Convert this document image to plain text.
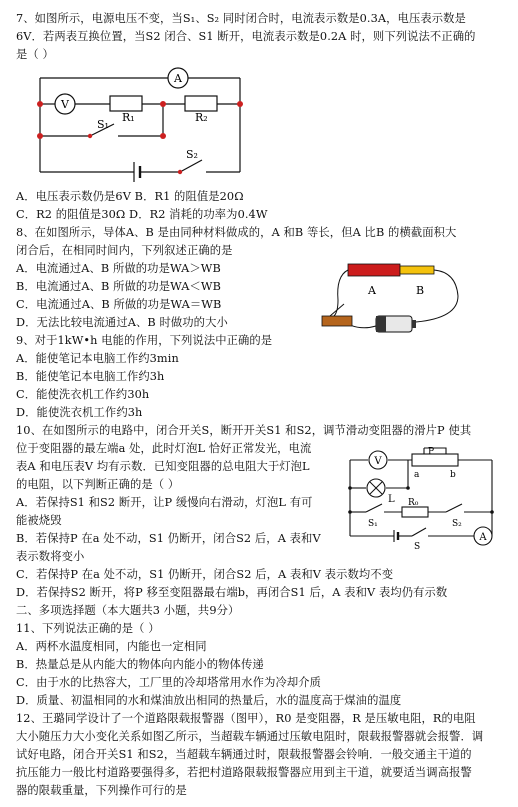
7、如图所示，电源电压不变，当S₁、S₂ 同时闭合时，电流表示数是0.3A，电压表示数是
6V．若两表互换位置，当S2 闭合、S1 断开，电流表示数是0.2A 时，则下列说法不正确的
是（ ）
A
V
R₁	R₂
S₁
S₂
A．电压表示数仍是6V B．R1 的阻值是20Ω
C．R2 的阻值是30Ω D．R2 消耗的功率为0.4W
8、在如图所示，导体A、B 是由同种材料做成的，A 和B 等长，但A 比B 的横截面积大
闭合后，在相同时间内，下列叙述正确的是
A．电流通过A、B 所做的功是WA＞WB
B．电流通过A、B 所做的功是WA＜WB
C．电流通过A、B 所做的功是WA＝WB
D．无法比较电流通过A、B 时做功的大小
A	B
9、对于1kW•h 电能的作用，下列说法中正确的是
A．能使笔记本电脑工作约3min
B．能使笔记本电脑工作约3h
C．能使洗衣机工作约30h
D．能使洗衣机工作约3h
10、在如图所示的电路中，闭合开关S，断开开关S1 和S2，调节滑动变阻器的滑片P 使其
位于变阻器的最左端a 处，此时灯泡L 恰好正常发光，电流
表A 和电压表V 均有示数．已知变阻器的总电阻大于灯泡L
的电阻，以下判断正确的是（ ）
A．若保持S1 和S2 断开，让P 缓慢向右滑动，灯泡L 有可
能被烧毁
B．若保持P 在a 处不动，S1 仍断开，闭合S2 后，A 表和V
表示数将变小
C．若保持P 在a 处不动，S1 仍断开，闭合S2 后，A 表和V 表示数均不变
D．若保持S2 断开，将P 移至变阻器最右端b，再闭合S1 后，A 表和V 表均仍有示数
V
L
A
P
a	b
S₁
R₀
S₂
S
二、多项选择题（本大题共3 小题，共9分）
11、下列说法正确的是（ ）
A．两杯水温度相同，内能也一定相同
B．热量总是从内能大的物体向内能小的物体传递
C．由于水的比热容大，工厂里的冷却塔常用水作为冷却介质
D．质量、初温相同的水和煤油放出相同的热量后，水的温度高于煤油的温度
12、王璐同学设计了一个道路限载报警器（图甲），R0 是变阻器，R 是压敏电阻，R的电阻
大小随压力大小变化关系如图乙所示，当超载车辆通过压敏电阻时，限载报警器就会报警．调
试好电路，闭合开关S1 和S2，当超载车辆通过时，限载报警器会铃响．一般交通主干道的
抗压能力一般比村道路要强得多，若把村道路限载报警器应用到主干道，就要适当调高报警
器的限载重量，下列操作可行的是
